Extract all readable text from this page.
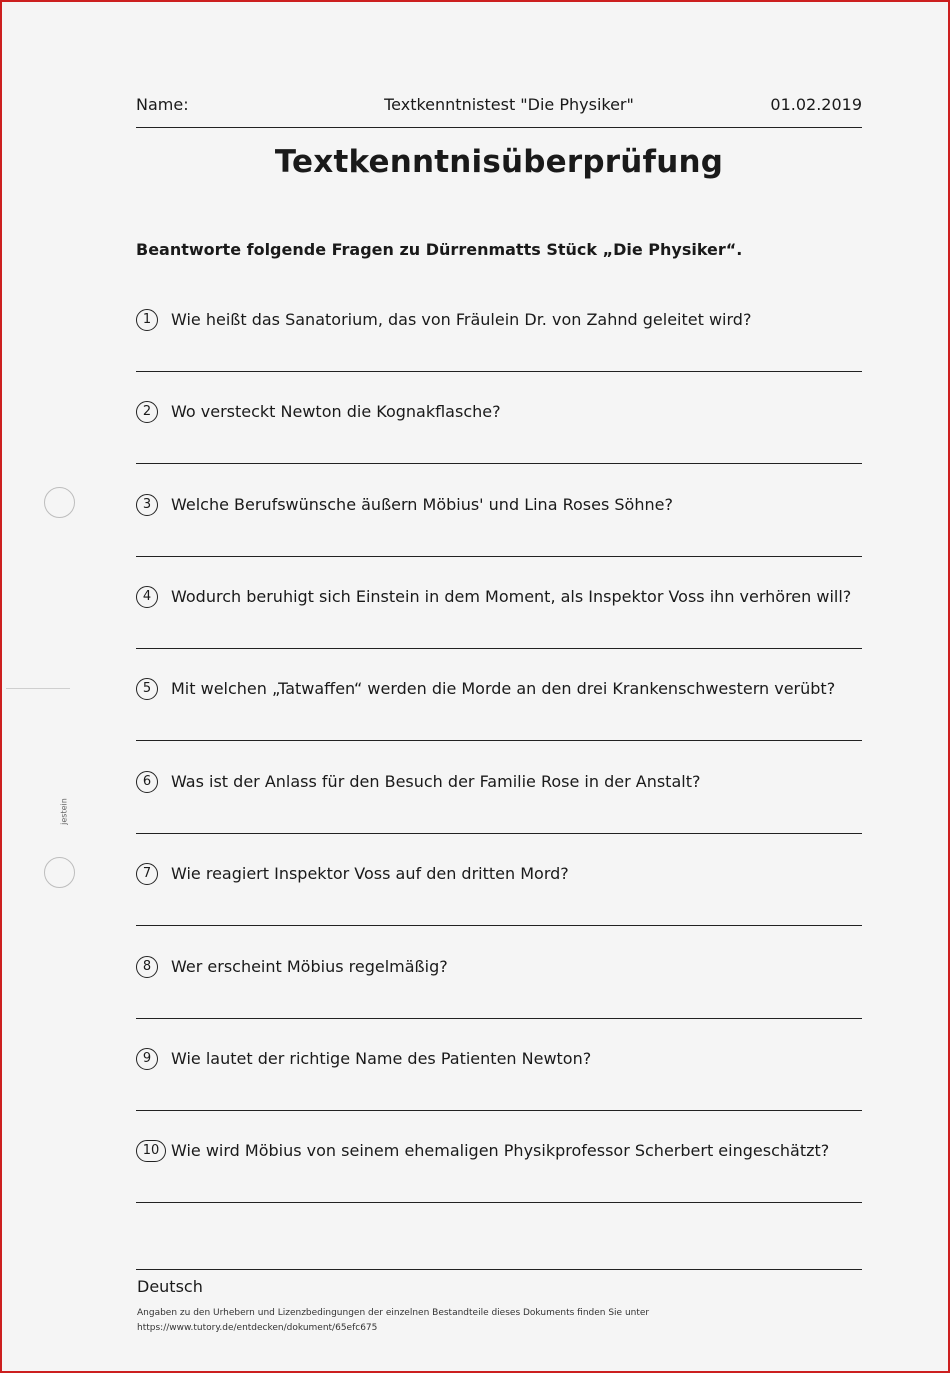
Name:	Textkenntnistest "Die Physiker"	01.02.2019
Textkenntnisüberprüfung
Beantworte folgende Fragen zu Dürrenmatts Stück „Die Physiker“.
1	Wie heißt das Sanatorium, das von Fräulein Dr. von Zahnd geleitet wird?
2	Wo versteckt Newton die Kognakflasche?
3	Welche Berufswünsche äußern Möbius' und Lina Roses Söhne?
4	Wodurch beruhigt sich Einstein in dem Moment, als Inspektor Voss ihn verhören will?
5	Mit welchen „Tatwaffen“ werden die Morde an den drei Krankenschwestern verübt?
6	Was ist der Anlass für den Besuch der Familie Rose in der Anstalt?
7	Wie reagiert Inspektor Voss auf den dritten Mord?
8	Wer erscheint Möbius regelmäßig?
9	Wie lautet der richtige Name des Patienten Newton?
10 Wie wird Möbius von seinem ehemaligen Physikprofessor Scherbert eingeschätzt?
jestein
Deutsch
Angaben zu den Urhebern und Lizenzbedingungen der einzelnen Bestandteile dieses Dokuments finden Sie unter
https://www.tutory.de/entdecken/dokument/65efc675
